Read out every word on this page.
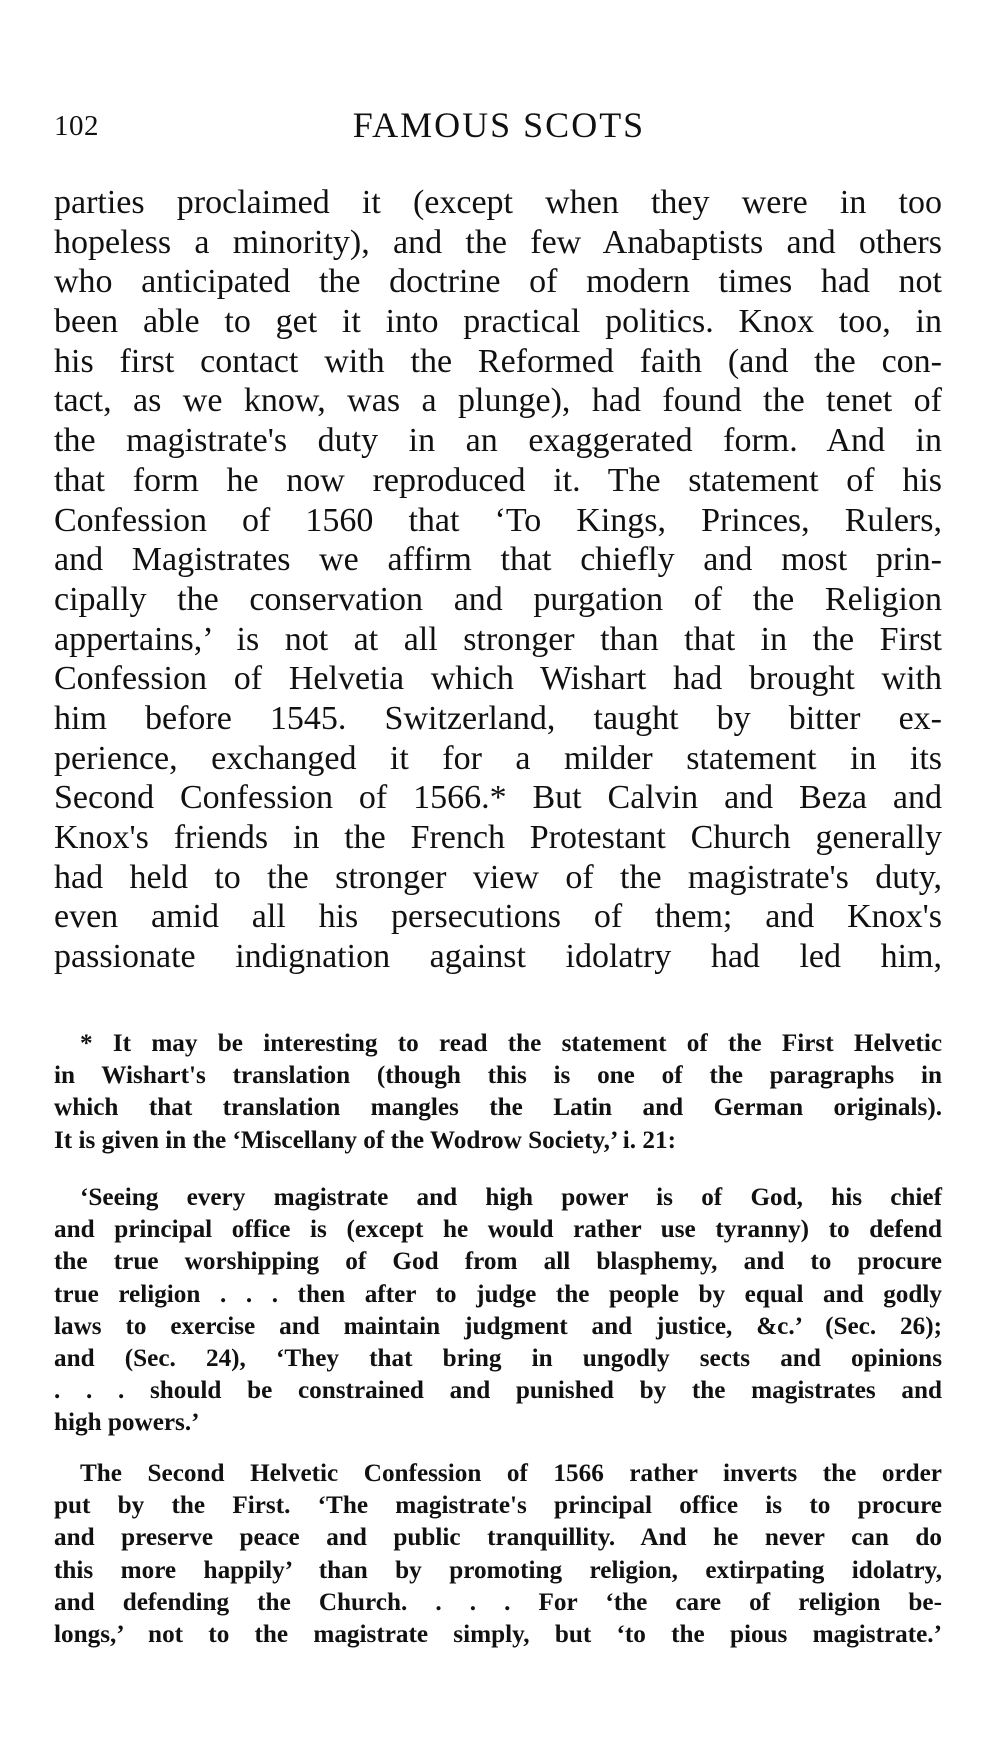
102	FAMOUS SCOTS
parties proclaimed it (except when they were in too
hopeless a minority), and the few Anabaptists and others
who anticipated the doctrine of modern times had not
been able to get it into practical politics. Knox too, in
his first contact with the Reformed faith (and the con-
tact, as we know, was a plunge), had found the tenet of
the magistrate's duty in an exaggerated form. And in
that form he now reproduced it. The statement of his
Confession of 1560 that ‘To Kings, Princes, Rulers,
and Magistrates we affirm that chiefly and most prin-
cipally the conservation and purgation of the Religion
appertains,’ is not at all stronger than that in the First
Confession of Helvetia which Wishart had brought with
him before 1545. Switzerland, taught by bitter ex-
perience, exchanged it for a milder statement in its
Second Confession of 1566.* But Calvin and Beza and
Knox's friends in the French Protestant Church generally
had held to the stronger view of the magistrate's duty,
even amid all his persecutions of them; and Knox's
passionate indignation against idolatry had led him,
* It may be interesting to read the statement of the First Helvetic
in Wishart's translation (though this is one of the paragraphs in
which that translation mangles the Latin and German originals).
It is given in the ‘Miscellany of the Wodrow Society,’ i. 21:
‘Seeing every magistrate and high power is of God, his chief
and principal office is (except he would rather use tyranny) to defend
the true worshipping of God from all blasphemy, and to procure
true religion . . . then after to judge the people by equal and godly
laws to exercise and maintain judgment and justice, &c.’ (Sec. 26);
and (Sec. 24), ‘They that bring in ungodly sects and opinions
. . . should be constrained and punished by the magistrates and
high powers.’
The Second Helvetic Confession of 1566 rather inverts the order
put by the First. ‘The magistrate's principal office is to procure
and preserve peace and public tranquillity. And he never can do
this more happily’ than by promoting religion, extirpating idolatry,
and defending the Church. . . . For ‘the care of religion be-
longs,’ not to the magistrate simply, but ‘to the pious magistrate.’
